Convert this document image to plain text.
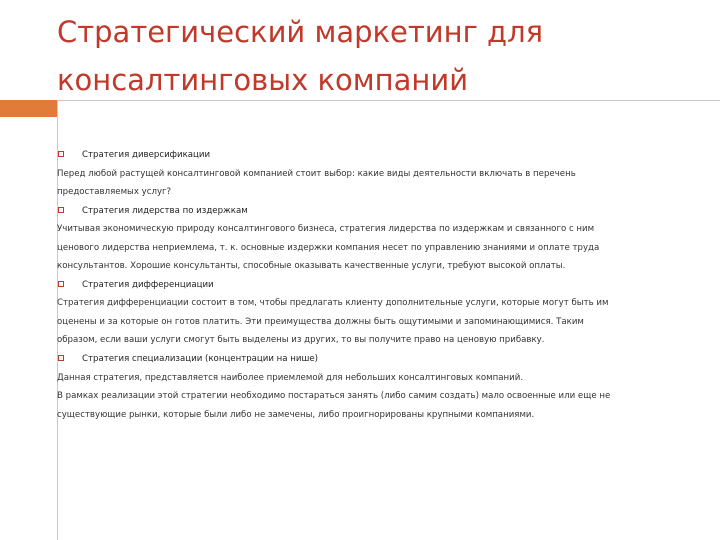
Стратегический маркетинг для
консалтинговых компаний
Стратегия диверсификации
Перед любой растущей консалтинговой компанией стоит выбор: какие виды деятельности включать в перечень
предоставляемых услуг?
Стратегия лидерства по издержкам
Учитывая экономическую природу консалтингового бизнеса, стратегия лидерства по издержкам и связанного с ним
ценового лидерства неприемлема, т. к. основные издержки компания несет по управлению знаниями и оплате труда
консультантов. Хорошие консультанты, способные оказывать качественные услуги, требуют высокой оплаты.
Стратегия дифференциации
Стратегия дифференциации состоит в том, чтобы предлагать клиенту дополнительные услуги, которые могут быть им
оценены и за которые он готов платить. Эти преимущества должны быть ощутимыми и запоминающимися. Таким
образом, если ваши услуги смогут быть выделены из других, то вы получите право на ценовую прибавку.
Стратегия специализации (концентрации на нише)
Данная стратегия, представляется наиболее приемлемой для небольших консалтинговых компаний.
В рамках реализации этой стратегии необходимо постараться занять (либо самим создать) мало освоенные или еще не
существующие рынки, которые были либо не замечены, либо проигнорированы крупными компаниями.
